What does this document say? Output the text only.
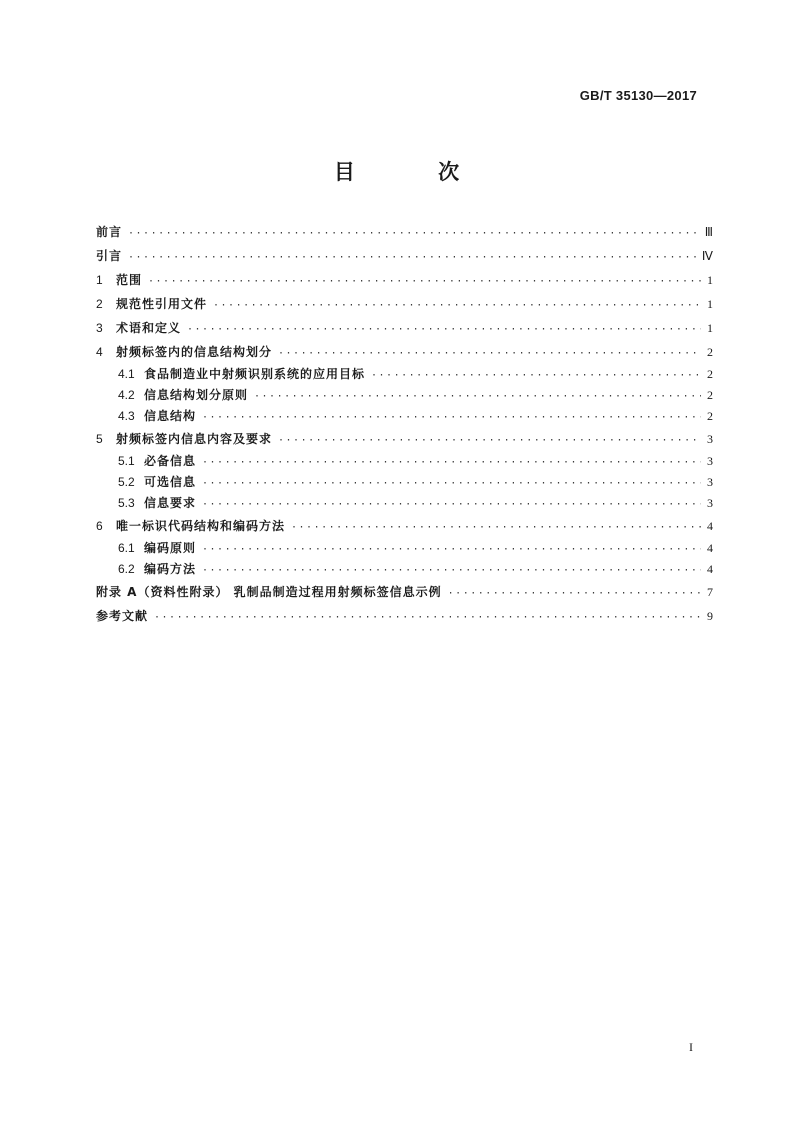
GB/T 35130—2017
目 次
前言 ·····	Ⅲ
引言 ·····	Ⅳ
1	范围 ·····	1
2	规范性引用文件 ·····	1
3	术语和定义 ·····	1
4	射频标签内的信息结构划分 ·····	2
4.1 食品制造业中射频识别系统的应用目标 ·····	2
4.2 信息结构划分原则 ·····	2
4.3 信息结构 ·····	2
5	射频标签内信息内容及要求 ·····	3
5.1 必备信息 ·····	3
5.2 可选信息 ·····	3
5.3 信息要求 ·····	3
6	唯一标识代码结构和编码方法 ·····	4
6.1 编码原则 ·····	4
6.2 编码方法 ·····	4
附录 A（资料性附录） 乳制品制造过程用射频标签信息示例 ·····	7
参考文献 ·····	9
I
